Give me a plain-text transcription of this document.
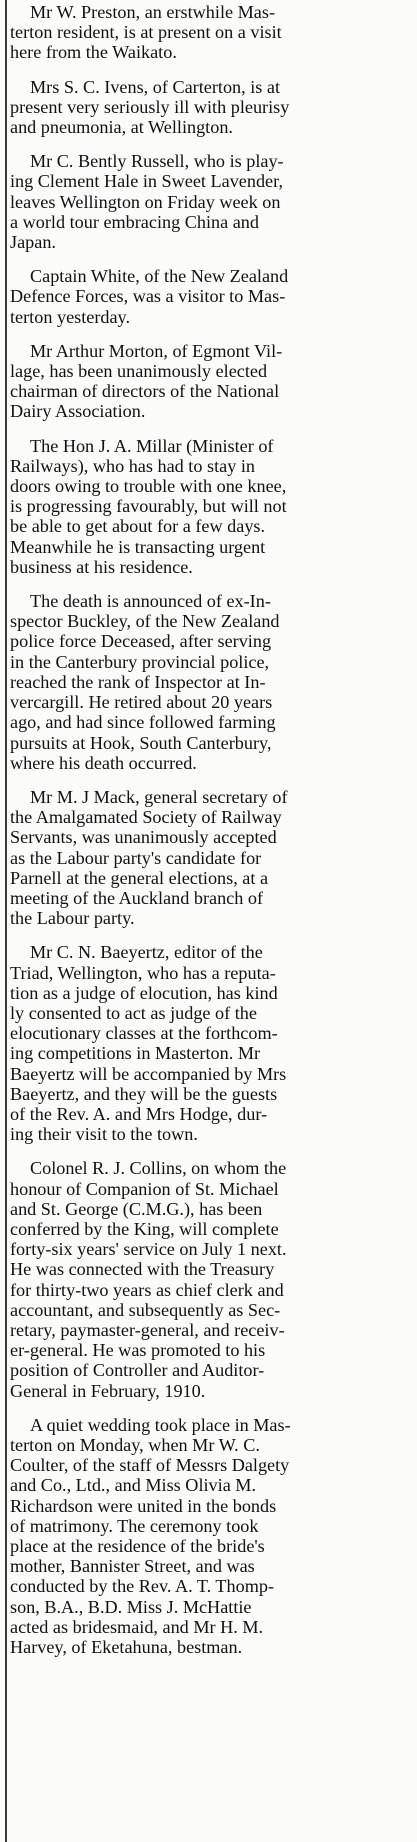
Mr W. Preston, an erstwhile Mas-
terton resident, is at present on a visit
here from the Waikato.
Mrs S. C. Ivens, of Carterton, is at
present very seriously ill with pleurisy
and pneumonia, at Wellington.
Mr C. Bently Russell, who is play-
ing Clement Hale in Sweet Lavender,
leaves Wellington on Friday week on
a world tour embracing China and
Japan.
Captain White, of the New Zealand
Defence Forces, was a visitor to Mas-
terton yesterday.
Mr Arthur Morton, of Egmont Vil-
lage, has been unanimously elected
chairman of directors of the National
Dairy Association.
The Hon J. A. Millar (Minister of
Railways), who has had to stay in
doors owing to trouble with one knee,
is progressing favourably, but will not
be able to get about for a few days.
Meanwhile he is transacting urgent
business at his residence.
The death is announced of ex-In-
spector Buckley, of the New Zealand
police force Deceased, after serving
in the Canterbury provincial police,
reached the rank of Inspector at In-
vercargill. He retired about 20 years
ago, and had since followed farming
pursuits at Hook, South Canterbury,
where his death occurred.
Mr M. J Mack, general secretary of
the Amalgamated Society of Railway
Servants, was unanimously accepted
as the Labour party's candidate for
Parnell at the general elections, at a
meeting of the Auckland branch of
the Labour party.
Mr C. N. Baeyertz, editor of the
Triad, Wellington, who has a reputa-
tion as a judge of elocution, has kind
ly consented to act as judge of the
elocutionary classes at the forthcom-
ing competitions in Masterton. Mr
Baeyertz will be accompanied by Mrs
Baeyertz, and they will be the guests
of the Rev. A. and Mrs Hodge, dur-
ing their visit to the town.
Colonel R. J. Collins, on whom the
honour of Companion of St. Michael
and St. George (C.M.G.), has been
conferred by the King, will complete
forty-six years' service on July 1 next.
He was connected with the Treasury
for thirty-two years as chief clerk and
accountant, and subsequently as Sec-
retary, paymaster-general, and receiv-
er-general. He was promoted to his
position of Controller and Auditor-
General in February, 1910.
A quiet wedding took place in Mas-
terton on Monday, when Mr W. C.
Coulter, of the staff of Messrs Dalgety
and Co., Ltd., and Miss Olivia M.
Richardson were united in the bonds
of matrimony. The ceremony took
place at the residence of the bride's
mother, Bannister Street, and was
conducted by the Rev. A. T. Thomp-
son, B.A., B.D. Miss J. McHattie
acted as bridesmaid, and Mr H. M.
Harvey, of Eketahuna, bestman.
